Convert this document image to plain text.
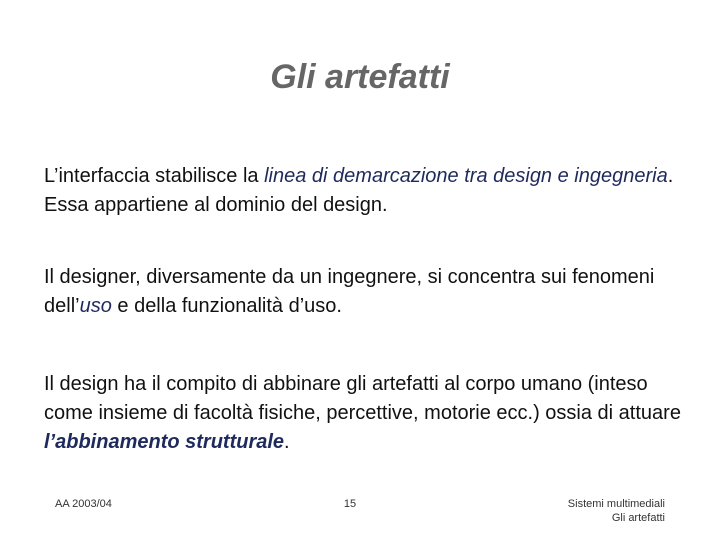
Gli artefatti
L’interfaccia stabilisce la linea di demarcazione tra design e ingegneria. Essa appartiene al dominio del design.
Il designer, diversamente da un ingegnere, si concentra sui fenomeni dell’uso e della funzionalità d’uso.
Il design ha il compito di abbinare gli artefatti al corpo umano (inteso come insieme di facoltà fisiche, percettive, motorie ecc.) ossia di attuare l’abbinamento strutturale.
AA 2003/04	15	Sistemi multimediali
Gli artefatti
